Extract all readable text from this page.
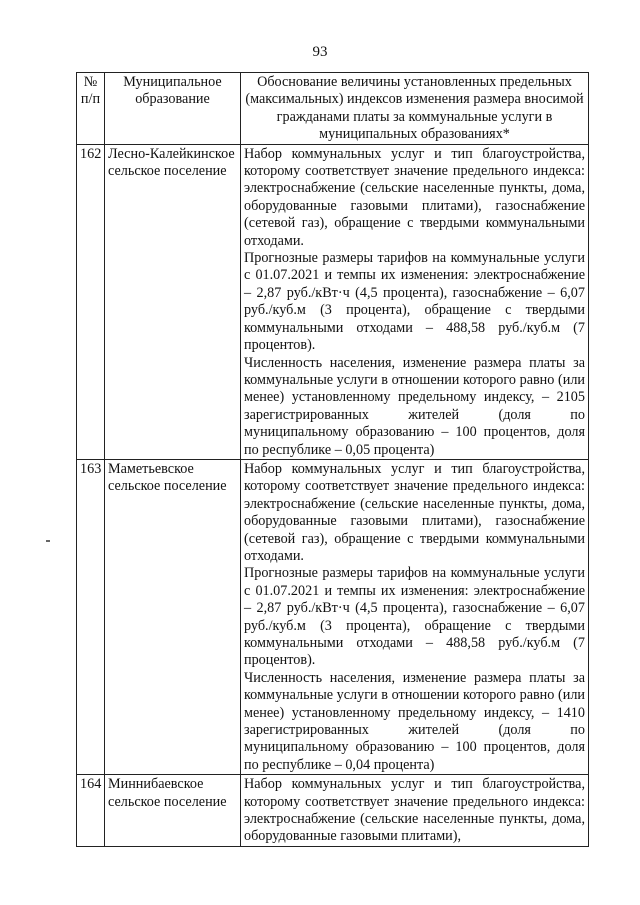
93
№ п/п	Муниципальное образование	Обоснование величины установленных предельных (максимальных) индексов изменения размера вносимой гражданами платы за коммунальные услуги в муниципальных образованиях*
162	Лесно-Калейкинское сельское поселение	Набор коммунальных услуг и тип благоустройства, которому соответствует значение предельного индекса: электроснабжение (сельские населенные пункты, дома, оборудованные газовыми плитами), газоснабжение (сетевой газ), обращение с твердыми коммунальными отходами.

Прогнозные размеры тарифов на коммунальные услуги с 01.07.2021 и темпы их изменения: электроснабжение – 2,87 руб./кВт·ч (4,5 процента), газоснабжение – 6,07 руб./куб.м (3 процента), обращение с твердыми коммунальными отходами – 488,58 руб./куб.м (7 процентов).

Численность населения, изменение размера платы за коммунальные услуги в отношении которого равно (или менее) установленному предельному индексу, – 2105 зарегистрированных жителей (доля по муниципальному образованию – 100 процентов, доля по республике – 0,05 процента)

163	Маметьевское сельское поселение	Набор коммунальных услуг и тип благоустройства, которому соответствует значение предельного индекса: электроснабжение (сельские населенные пункты, дома, оборудованные газовыми плитами), газоснабжение (сетевой газ), обращение с твердыми коммунальными отходами.

Прогнозные размеры тарифов на коммунальные услуги с 01.07.2021 и темпы их изменения: электроснабжение – 2,87 руб./кВт·ч (4,5 процента), газоснабжение – 6,07 руб./куб.м (3 процента), обращение с твердыми коммунальными отходами – 488,58 руб./куб.м (7 процентов).

Численность населения, изменение размера платы за коммунальные услуги в отношении которого равно (или менее) установленному предельному индексу, – 1410 зарегистрированных жителей (доля по муниципальному образованию – 100 процентов, доля по республике – 0,04 процента)

164	Миннибаевское сельское поселение	Набор коммунальных услуг и тип благоустройства, которому соответствует значение предельного индекса: электроснабжение (сельские населенные пункты, дома, оборудованные газовыми плитами),
